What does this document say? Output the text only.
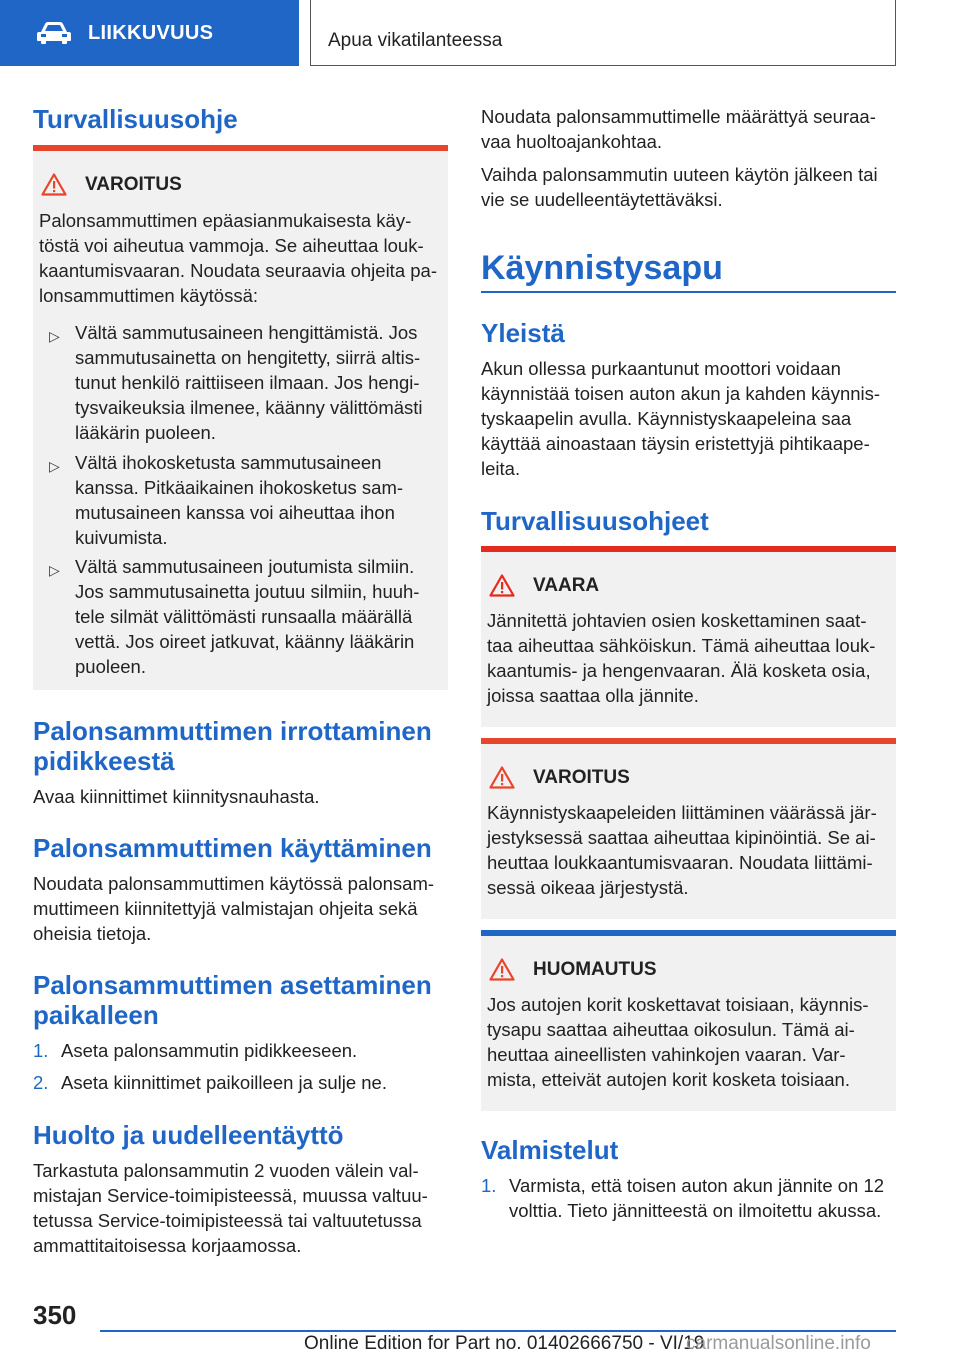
LIIKKUVUUS	Apua vikatilanteessa
Turvallisuusohje
VAROITUS
Palonsammuttimen epäasianmukaisesta käy‐ töstä voi aiheutua vammoja. Se aiheuttaa louk‐ kaantumisvaaran. Noudata seuraavia ohjeita pa‐ lonsammuttimen käytössä:
▷ Vältä sammutusaineen hengittämistä. Jos sammutusainetta on hengitetty, siirrä altis‐ tunut henkilö raittiiseen ilmaan. Jos hengi‐ tysvaikeuksia ilmenee, käänny välittömästi lääkärin puoleen.
▷ Vältä ihokosketusta sammutusaineen kanssa. Pitkäaikainen ihokosketus sam‐ mutusaineen kanssa voi aiheuttaa ihon kuivumista.
▷ Vältä sammutusaineen joutumista silmiin. Jos sammutusainetta joutuu silmiin, huuh‐ tele silmät välittömästi runsaalla määrällä vettä. Jos oireet jatkuvat, käänny lääkärin puoleen.
Palonsammuttimen irrottaminen pidikkeestä
Avaa kiinnittimet kiinnitysnauhasta.
Palonsammuttimen käyttäminen
Noudata palonsammuttimen käytössä palonsam‐ muttimeen kiinnitettyjä valmistajan ohjeita sekä oheisia tietoja.
Palonsammuttimen asettaminen paikalleen
1. Aseta palonsammutin pidikkeeseen.
2. Aseta kiinnittimet paikoilleen ja sulje ne.
Huolto ja uudelleentäyttö
Tarkastuta palonsammutin 2 vuoden välein val‐ mistajan Service-toimipisteessä, muussa valtuu‐ tetussa Service-toimipisteessä tai valtuutetussa ammattitaitoisessa korjaamossa.
Noudata palonsammuttimelle määrättyä seuraa‐ vaa huoltoajankohtaa.
Vaihda palonsammutin uuteen käytön jälkeen tai vie se uudelleentäytettäväksi.
Käynnistysapu
Yleistä
Akun ollessa purkaantunut moottori voidaan käynnistää toisen auton akun ja kahden käynnis‐ tyskaapelin avulla. Käynnistyskaapeleina saa käyttää ainoastaan täysin eristettyjä pihtikaape‐ leita.
Turvallisuusohjeet
VAARA
Jännitettä johtavien osien koskettaminen saat‐ taa aiheuttaa sähköiskun. Tämä aiheuttaa louk‐ kaantumis- ja hengenvaaran. Älä kosketa osia, joissa saattaa olla jännite.
VAROITUS
Käynnistyskaapeleiden liittäminen väärässä jär‐ jestyksessä saattaa aiheuttaa kipinöintiä. Se ai‐ heuttaa loukkaantumisvaaran. Noudata liittämi‐ sessä oikeaa järjestystä.
HUOMAUTUS
Jos autojen korit koskettavat toisiaan, käynnis‐ tysapu saattaa aiheuttaa oikosulun. Tämä ai‐ heuttaa aineellisten vahinkojen vaaran. Var‐ mista, etteivät autojen korit kosketa toisiaan.
Valmistelut
1. Varmista, että toisen auton akun jännite on 12 volttia. Tieto jännitteestä on ilmoitettu akussa.
350
Online Edition for Part no. 01402666750 - VI/19
carmanualsonline.info
